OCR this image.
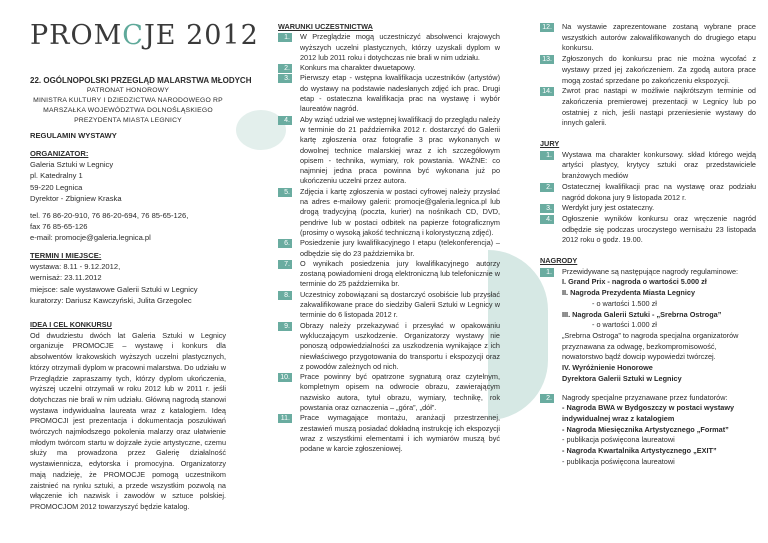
PROMCJE 2012
22. OGÓLNOPOLSKI PRZEGLĄD MALARSTWA MŁODYCH
PATRONAT HONOROWY
MINISTRA KULTURY I DZIEDZICTWA NARODOWEGO RP
MARSZAŁKA WOJEWÓDZTWA DOLNOŚLĄSKIEGO
PREZYDENTA MIASTA LEGNICY
REGULAMIN WYSTAWY
ORGANIZATOR:
Galeria Sztuki w Legnicy
pl. Katedralny 1
59-220 Legnica
Dyrektor - Zbigniew Kraska
tel. 76 86-20-910, 76 86-20-694, 76 85-65-126,
fax 76 85-65-126
e-mail: promocje@galeria.legnica.pl
TERMIN I MIEJSCE:
wystawa: 8.11 - 9.12.2012,
wernisaż: 23.11.2012
miejsce: sale wystawowe Galerii Sztuki w Legnicy
kuratorzy: Dariusz Kawczyński, Julita Grzegolec
IDEA I CEL KONKURSU
Od dwudziestu dwóch lat Galeria Sztuki w Legnicy organizuje PROMOCJE – wystawę i konkurs dla absolwentów krakowskich wyższych uczelni plastycznych, którzy otrzymali dyplom w pracowni malarstwa. Do udziału w Przeglądzie zapraszamy tych, którzy dyplom ukończenia, wyższej uczelni otrzymali w roku 2012 lub w 2011 r. jeśli dotychczas nie brali w nim udziału. Główną nagrodą stanowi wystawa indywidualna laureata wraz z katalogiem. Ideą PROMOCJI jest prezentacja i dokumentacja poszukiwań twórczych najmłodszego pokolenia malarzy oraz ułatwienie młodym twórcom startu w dojrzałe życie artystyczne, czemu służy ma prowadzona przez Galerię działalność wystawiennicza, edytorska i promocyjna. Organizatorzy mają nadzieję, że PROMOCJE pomogą uczestnikom zaistnieć na rynku sztuki, a przede wszystkim pozwolą na włączenie ich nazwisk i zawodów w sztuce polskiej. PROMOCJOM 2012 towarzyszyć będzie katalog.
WARUNKI UCZESTNICTWA
1. W Przeglądzie mogą uczestniczyć absolwenci krajowych wyższych uczelni plastycznych, którzy uzyskali dyplom w 2012 lub 2011 roku i dotychczas nie brali w nim udziału.
2. Konkurs ma charakter dwuetapowy.
3. Pierwszy etap - wstępna kwalifikacja uczestników (artystów) do wystawy na podstawie nadesłanych zdjęć ich prac. Drugi etap - ostateczna kwalifikacja prac na wystawę i wybór laureatów nagród.
4. Aby wziąć udział we wstępnej kwalifikacji do przeglądu należy w terminie do 21 października 2012 r. dostarczyć do Galerii kartę zgłoszenia oraz fotografie 3 prac wykonanych w dowolnej technice malarskiej wraz z ich szczegółowym opisem - technika, wymiary, rok powstania. WAŻNE: co najmniej jedna praca powinna być wykonana już po ukończeniu uczelni przez autora.
5. Zdjęcia i kartę zgłoszenia w postaci cyfrowej należy przysłać na adres e-mailowy galerii: promocje@galeria.legnica.pl lub drogą tradycyjną (poczta, kurier) na nośnikach CD, DVD, pendrive lub w postaci odbitek na papierze fotograficznym (prosimy o wysoką jakość techniczną i kolorystyczną zdjęć).
6. Posiedzenie jury kwalifikacyjnego I etapu (telekonferencja) – odbędzie się do 23 października br.
7. O wynikach posiedzenia jury kwalifikacyjnego autorzy zostaną powiadomieni drogą elektroniczną lub telefonicznie w terminie do 25 października br.
8. Uczestnicy zobowiązani są dostarczyć osobiście lub przysłać zakwalifikowane prace do siedziby Galerii Sztuki w Legnicy w terminie do 6 listopada 2012 r.
9. Obrazy należy przekazywać i przesyłać w opakowaniu wykluczającym uszkodzenie. Organizatorzy wystawy nie ponoszą odpowiedzialności za uszkodzenia wynikające z ich niewłaściwego przygotowania do transportu i ekspozycji oraz z powodów zależnych od nich.
10. Prace powinny być opatrzone sygnaturą oraz czytelnym, kompletnym opisem na odwrocie obrazu, zawierającym nazwisko autora, tytuł obrazu, wymiary, technikę, rok powstania oraz oznaczenia – „góra”, „dół”.
11. Prace wymagające montażu, aranżacji przestrzennej, zestawień muszą posiadać dokładną instrukcję ich ekspozycji wraz z wszystkimi elementami i ich wymiarów muszą być podane w karcie zgłoszeniowej.
12. Na wystawie zaprezentowane zostaną wybrane prace wszystkich autorów zakwalifikowanych do drugiego etapu konkursu.
13. Zgłoszonych do konkursu prac nie można wycofać z wystawy przed jej zakończeniem. Za zgodą autora prace mogą zostać sprzedane po zakończeniu ekspozycji.
14. Zwrot prac nastąpi w możliwie najkrótszym terminie od zakończenia premierowej prezentacji w Legnicy lub po ostatniej z nich, jeśli nastąpi przeniesienie wystawy do innych galerii.
JURY
1. Wystawa ma charakter konkursowy. skład którego wejdą artyści plastycy, krytycy sztuki oraz przedstawiciele branżowych mediów
2. Ostatecznej kwalifikacji prac na wystawę oraz podziału nagród dokona jury 9 listopada 2012 r.
3. Werdykt jury jest ostateczny.
4. Ogłoszenie wyników konkursu oraz wręczenie nagród odbędzie się podczas uroczystego wernisażu 23 listopada 2012 roku o godz. 19.00.
NAGRODY
1. Przewidywane są następujące nagrody regulaminowe:
I. Grand Prix - nagroda o wartości 5.000 zł
II. Nagroda Prezydenta Miasta Legnicy
- o wartości 1.500 zł
III. Nagroda Galerii Sztuki - „Srebrna Ostroga”
- o wartości 1.000 zł
„Srebrna Ostroga” to nagroda specjalna organizatorów przyznawana za odwagę, bezkompromisowość, nowatorstwo bądź dowcip wypowiedzi twórczej.
IV. Wyróżnienie Honorowe
Dyrektora Galerii Sztuki w Legnicy
2. Nagrody specjalne przyznawane przez fundatorów:
- Nagroda BWA w Bydgoszczy w postaci wystawy indywidualnej wraz z katalogiem
- Nagroda Miesięcznika Artystycznego „Format”
- publikacja poświęcona laureatowi
- Nagroda Kwartalnika Artystycznego „EXIT”
- publikacja poświęcona laureatowi
